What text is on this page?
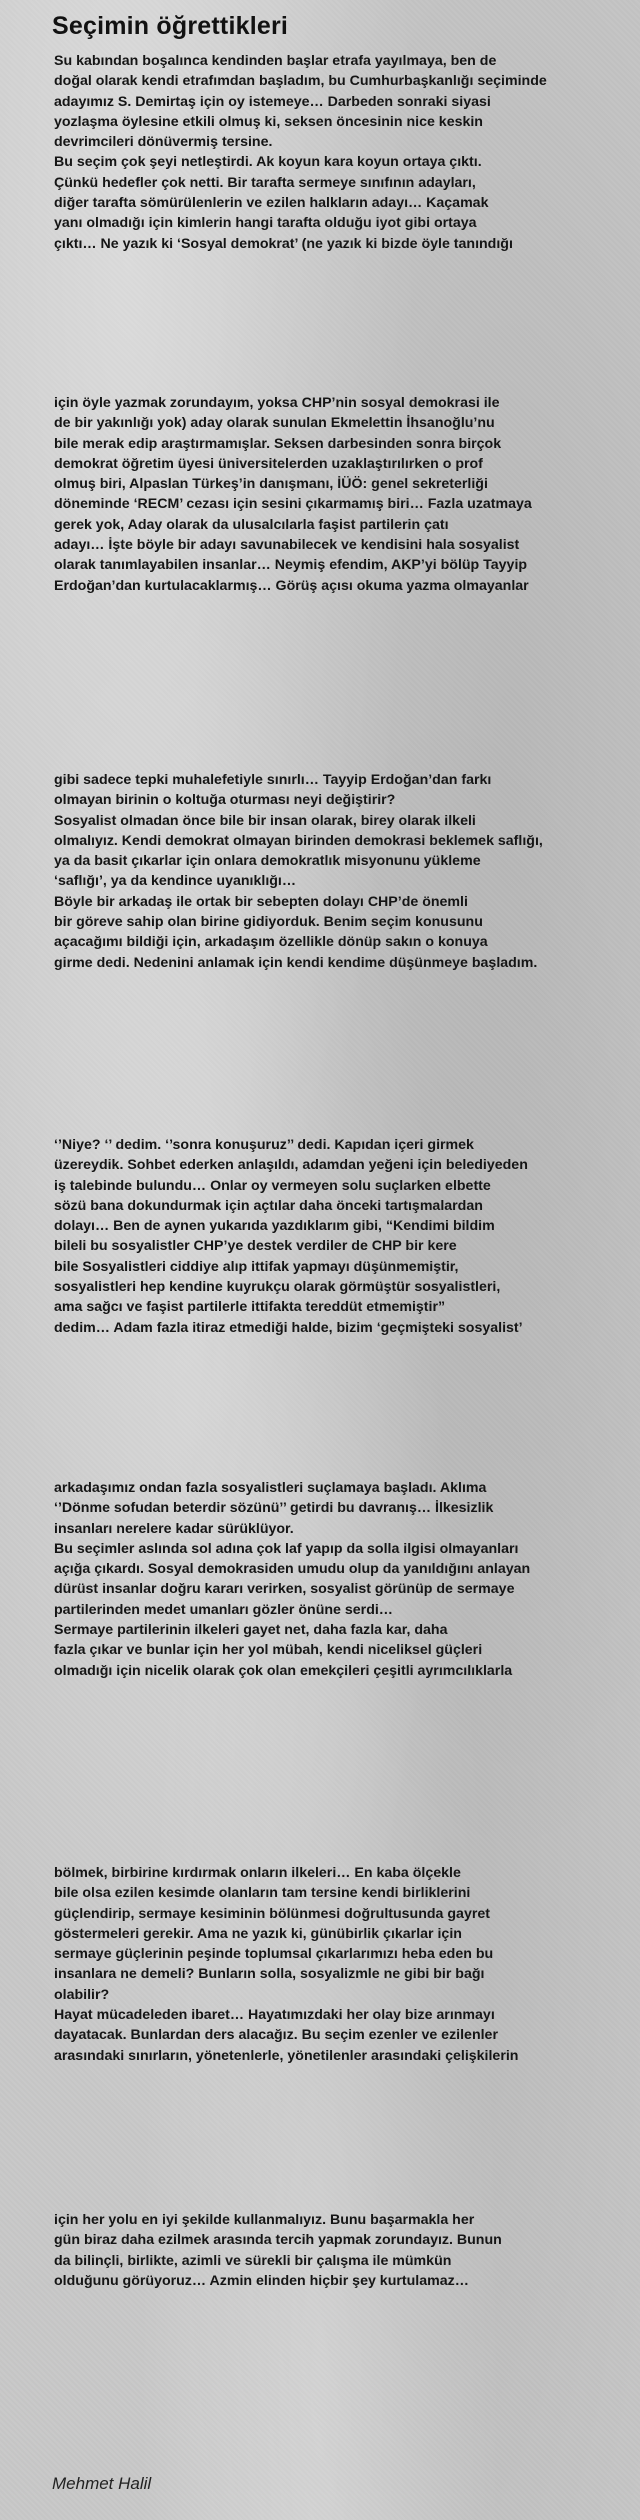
Seçimin öğrettikleri
Su kabından boşalınca kendinden başlar etrafa yayılmaya, ben de
doğal olarak kendi etrafımdan başladım, bu Cumhurbaşkanlığı seçiminde
adayımız S. Demirtaş için oy istemeye… Darbeden sonraki siyasi
yozlaşma öylesine etkili olmuş ki, seksen öncesinin nice keskin
devrimcileri dönüvermiş tersine.
Bu seçim çok şeyi netleştirdi. Ak koyun kara koyun ortaya çıktı.
Çünkü hedefler çok netti. Bir tarafta sermeye sınıfının adayları,
diğer tarafta sömürülenlerin ve ezilen halkların adayı… Kaçamak
yanı olmadığı için kimlerin hangi tarafta olduğu iyot gibi ortaya
çıktı… Ne yazık ki ‘Sosyal demokrat’ (ne yazık ki bizde öyle tanındığı
için öyle yazmak zorundayım, yoksa CHP’nin sosyal demokrasi ile
de bir yakınlığı yok) aday olarak sunulan Ekmelettin İhsanoğlu’nu
bile merak edip araştırmamışlar. Seksen darbesinden sonra birçok
demokrat öğretim üyesi üniversitelerden uzaklaştırılırken o prof
olmuş biri, Alpaslan Türkeş’in danışmanı, İÜÖ: genel sekreterliği
döneminde ‘RECM’ cezası için sesini çıkarmamış biri… Fazla uzatmaya
gerek yok, Aday olarak da ulusalcılarla faşist partilerin çatı
adayı… İşte böyle bir adayı savunabilecek ve kendisini hala sosyalist
olarak tanımlayabilen insanlar… Neymiş efendim, AKP’yi bölüp Tayyip
Erdoğan’dan kurtulacaklarmış… Görüş açısı okuma yazma olmayanlar
gibi sadece tepki muhalefetiyle sınırlı… Tayyip Erdoğan’dan farkı
olmayan birinin o koltuğa oturması neyi değiştirir?
Sosyalist olmadan önce bile bir insan olarak, birey olarak ilkeli
olmalıyız. Kendi demokrat olmayan birinden demokrasi beklemek saflığı,
ya da basit çıkarlar için onlara demokratlık misyonunu yükleme
‘saflığı’, ya da kendince uyanıklığı…
Böyle bir arkadaş ile ortak bir sebepten dolayı CHP’de önemli
bir göreve sahip olan birine gidiyorduk. Benim seçim konusunu
açacağımı bildiği için, arkadaşım özellikle dönüp sakın o konuya
girme dedi. Nedenini anlamak için kendi kendime düşünmeye başladım.
‘’Niye? ‘’ dedim. ‘’sonra konuşuruz’’ dedi. Kapıdan içeri girmek
üzereydik. Sohbet ederken anlaşıldı, adamdan yeğeni için belediyeden
iş talebinde bulundu… Onlar oy vermeyen solu suçlarken elbette
sözü bana dokundurmak için açtılar daha önceki tartışmalardan
dolayı… Ben de aynen yukarıda yazdıklarım gibi, “Kendimi bildim
bileli bu sosyalistler CHP’ye destek verdiler de CHP bir kere
bile Sosyalistleri ciddiye alıp ittifak yapmayı düşünmemiştir,
sosyalistleri hep kendine kuyrukçu olarak görmüştür sosyalistleri,
ama sağcı ve faşist partilerle ittifakta tereddüt etmemiştir”
dedim… Adam fazla itiraz etmediği halde, bizim ‘geçmişteki sosyalist’
arkadaşımız ondan fazla sosyalistleri suçlamaya başladı. Aklıma
‘’Dönme sofudan beterdir sözünü’’ getirdi bu davranış… İlkesizlik
insanları nerelere kadar sürüklüyor.
Bu seçimler aslında sol adına çok laf yapıp da solla ilgisi olmayanları
açığa çıkardı. Sosyal demokrasiden umudu olup da yanıldığını anlayan
dürüst insanlar doğru kararı verirken, sosyalist görünüp de sermaye
partilerinden medet umanları gözler önüne serdi…
Sermaye partilerinin ilkeleri gayet net, daha fazla kar, daha
fazla çıkar ve bunlar için her yol mübah, kendi niceliksel güçleri
olmadığı için nicelik olarak çok olan emekçileri çeşitli ayrımcılıklarla
bölmek, birbirine kırdırmak onların ilkeleri… En kaba ölçekle
bile olsa ezilen kesimde olanların tam tersine kendi birliklerini
güçlendirip, sermaye kesiminin bölünmesi doğrultusunda gayret
göstermeleri gerekir. Ama ne yazık ki, günübirlik çıkarlar için
sermaye güçlerinin peşinde toplumsal çıkarlarımızı heba eden bu
insanlara ne demeli? Bunların solla, sosyalizmle ne gibi bir bağı
olabilir?
Hayat mücadeleden ibaret… Hayatımızdaki her olay bize arınmayı
dayatacak. Bunlardan ders alacağız. Bu seçim ezenler ve ezilenler
arasındaki sınırların, yönetenlerle, yönetilenler arasındaki çelişkilerin
için her yolu en iyi şekilde kullanmalıyız. Bunu başarmakla her
gün biraz daha ezilmek arasında tercih yapmak zorundayız. Bunun
da bilinçli, birlikte, azimli ve sürekli bir çalışma ile mümkün
olduğunu görüyoruz… Azmin elinden hiçbir şey kurtulamaz…
Mehmet Halil
